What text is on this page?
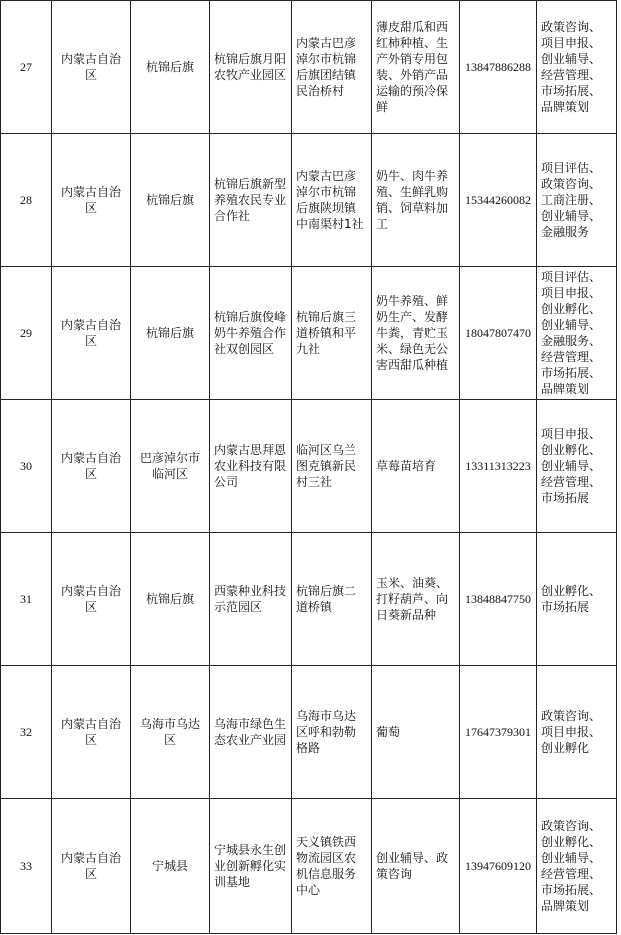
27	内蒙古自治区	杭锦后旗	杭锦后旗月阳农牧产业园区	内蒙古巴彦淖尔市杭锦后旗团结镇民治桥村	薄皮甜瓜和西红柿种植、生产外销专用包装、外销产品运输的预冷保鲜	13847886288	政策咨询、项目申报、创业辅导、经营管理、市场拓展、品牌策划
28	内蒙古自治区	杭锦后旗	杭锦后旗新型养殖农民专业合作社	内蒙古巴彦淖尔市杭锦后旗陕坝镇中南渠村1社	奶牛、肉牛养殖、生鲜乳购销、饲草料加工	15344260082	项目评估、政策咨询、工商注册、创业辅导、金融服务
29	内蒙古自治区	杭锦后旗	杭锦后旗俊峰奶牛养殖合作社双创园区	杭锦后旗三道桥镇和平九社	奶牛养殖、鲜奶生产、发酵牛粪，青贮玉米、绿色无公害西甜瓜种植	18047807470	项目评估、项目申报、创业孵化、创业辅导、金融服务、经营管理、市场拓展、品牌策划
30	内蒙古自治区	巴彦淖尔市临河区	内蒙古思拜恩农业科技有限公司	临河区乌兰图克镇新民村三社	草莓苗培育	13311313223	项目申报、创业孵化、创业辅导、经营管理、市场拓展
31	内蒙古自治区	杭锦后旗	西蒙种业科技示范园区	杭锦后旗二道桥镇	玉米、油葵、打籽葫芦、向日葵新品种	13848847750	创业孵化、市场拓展
32	内蒙古自治区	乌海市乌达区	乌海市绿色生态农业产业园	乌海市乌达区呼和勃勒格路	葡萄	17647379301	政策咨询、项目申报、创业孵化
33	内蒙古自治区	宁城县	宁城县永生创业创新孵化实训基地	天义镇铁西物流园区农机信息服务中心	创业辅导、政策咨询	13947609120	政策咨询、创业孵化、创业辅导、经营管理、市场拓展、品牌策划
